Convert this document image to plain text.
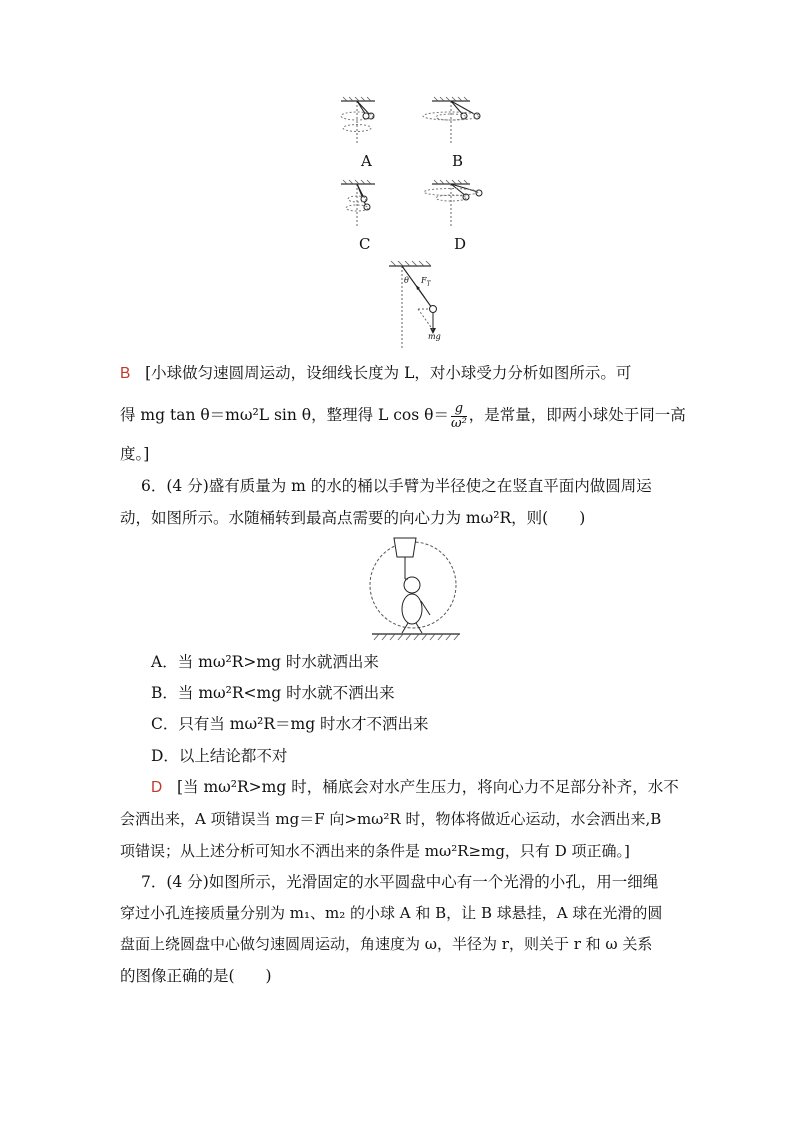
A	B
C	D
θ $F_T$
mg
B [小球做匀速圆周运动，设细线长度为 L，对小球受力分析如图所示。可
得 mg tan θ＝mω²L sin θ，整理得 L $\cos \theta= \frac{g}{\text{ω²}}$ ，是常量，即两小球处于同一高
度。]
6．(4 分)盛有质量为 m 的水的桶以手臂为半径使之在竖直平面内做圆周运
动，如图所示。水随桶转到最高点需要的向心力为 mω²R，则(　　)
A．当 mω²R>mg 时水就洒出来
B．当 mω²R<mg 时水就不洒出来
C．只有当 mω²R＝mg 时水才不洒出来
D．以上结论都不对
D [当 mω²R>mg 时，桶底会对水产生压力，将向心力不足部分补齐，水不
会洒出来，A 项错误当 mg＝F 向>mω²R 时，物体将做近心运动，水会洒出来,B
项错误；从上述分析可知水不洒出来的条件是 mω²R≥mg，只有 D 项正确。]
7．(4 分)如图所示，光滑固定的水平圆盘中心有一个光滑的小孔，用一细绳
穿过小孔连接质量分别为 m₁、m₂ 的小球 A 和 B，让 B 球悬挂，A 球在光滑的圆
盘面上绕圆盘中心做匀速圆周运动，角速度为 ω，半径为 r，则关于 r 和 ω 关系
的图像正确的是(　　)
